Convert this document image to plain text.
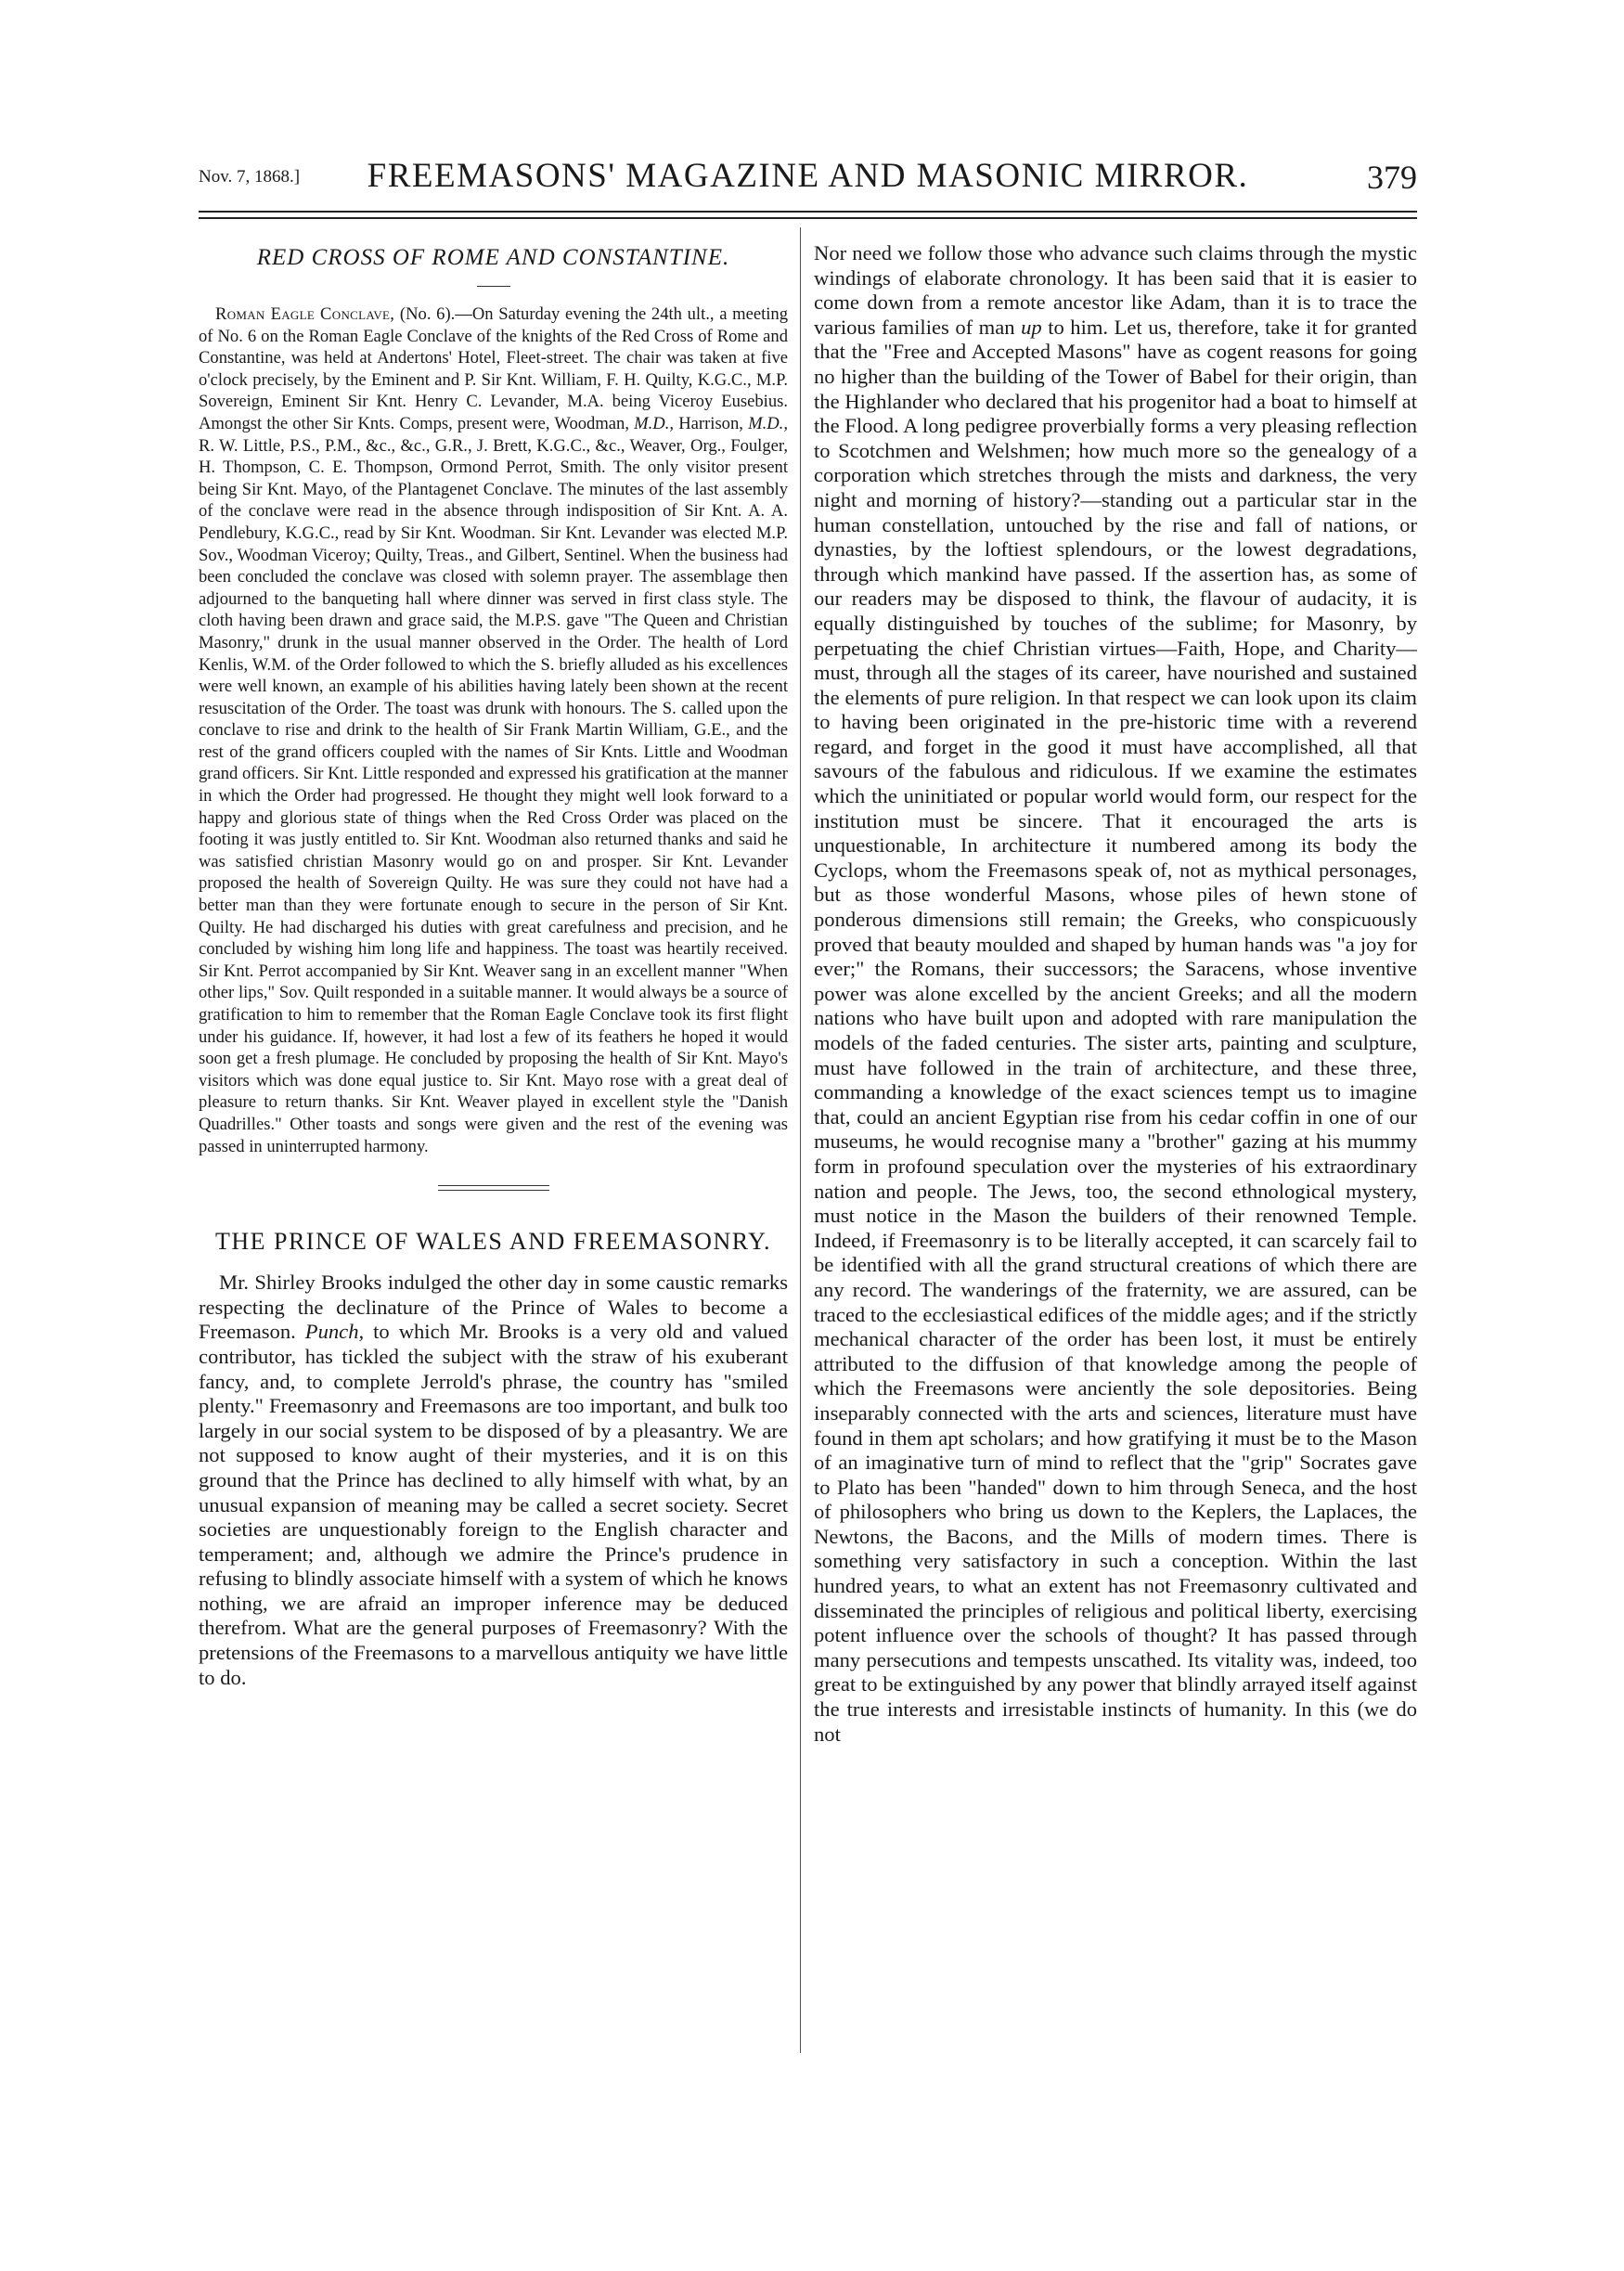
Nov. 7, 1868.]	FREEMASONS' MAGAZINE AND MASONIC MIRROR.	379
RED CROSS OF ROME AND CONSTANTINE.

Roman Eagle Conclave, (No. 6).—On Saturday evening the 24th ult., a meeting of No. 6 on the Roman Eagle Conclave of the knights of the Red Cross of Rome and Constantine, was held at Andertons' Hotel, Fleet-street. The chair was taken at five o'clock precisely, by the Eminent and P. Sir Knt. William, F. H. Quilty, K.G.C., M.P. Sovereign, Eminent Sir Knt. Henry C. Levander, M.A. being Viceroy Eusebius. Amongst the other Sir Knts. Comps, present were, Woodman, M.D., Harrison, M.D., R. W. Little, P.S., P.M., &c., &c., G.R., J. Brett, K.G.C., &c., Weaver, Org., Foulger, H. Thompson, C. E. Thompson, Ormond Perrot, Smith. The only visitor present being Sir Knt. Mayo, of the Plantagenet Conclave. The minutes of the last assembly of the conclave were read in the absence through indisposition of Sir Knt. A. A. Pendlebury, K.G.C., read by Sir Knt. Woodman. Sir Knt. Levander was elected M.P. Sov., Woodman Viceroy; Quilty, Treas., and Gilbert, Sentinel. When the business had been concluded the conclave was closed with solemn prayer. The assemblage then adjourned to the banqueting hall where dinner was served in first class style. The cloth having been drawn and grace said, the M.P.S. gave "The Queen and Christian Masonry," drunk in the usual manner observed in the Order. The health of Lord Kenlis, W.M. of the Order followed to which the S. briefly alluded as his excellences were well known, an example of his abilities having lately been shown at the recent resuscitation of the Order. The toast was drunk with honours. The S. called upon the conclave to rise and drink to the health of Sir Frank Martin William, G.E., and the rest of the grand officers coupled with the names of Sir Knts. Little and Woodman grand officers. Sir Knt. Little responded and expressed his gratification at the manner in which the Order had progressed. He thought they might well look forward to a happy and glorious state of things when the Red Cross Order was placed on the footing it was justly entitled to. Sir Knt. Woodman also returned thanks and said he was satisfied christian Masonry would go on and prosper. Sir Knt. Levander proposed the health of Sovereign Quilty. He was sure they could not have had a better man than they were fortunate enough to secure in the person of Sir Knt. Quilty. He had discharged his duties with great carefulness and precision, and he concluded by wishing him long life and happiness. The toast was heartily received. Sir Knt. Perrot accompanied by Sir Knt. Weaver sang in an excellent manner "When other lips," Sov. Quilt responded in a suitable manner. It would always be a source of gratification to him to remember that the Roman Eagle Conclave took its first flight under his guidance. If, however, it had lost a few of its feathers he hoped it would soon get a fresh plumage. He concluded by proposing the health of Sir Knt. Mayo's visitors which was done equal justice to. Sir Knt. Mayo rose with a great deal of pleasure to return thanks. Sir Knt. Weaver played in excellent style the "Danish Quadrilles." Other toasts and songs were given and the rest of the evening was passed in uninterrupted harmony.

THE PRINCE OF WALES AND FREEMASONRY.

Mr. Shirley Brooks indulged the other day in some caustic remarks respecting the declinature of the Prince of Wales to become a Freemason. Punch, to which Mr. Brooks is a very old and valued contributor, has tickled the subject with the straw of his exuberant fancy, and, to complete Jerrold's phrase, the country has "smiled plenty." Freemasonry and Freemasons are too important, and bulk too largely in our social system to be disposed of by a pleasantry. We are not supposed to know aught of their mysteries, and it is on this ground that the Prince has declined to ally himself with what, by an unusual expansion of meaning may be called a secret society. Secret societies are unquestionably foreign to the English character and temperament; and, although we admire the Prince's prudence in refusing to blindly associate himself with a system of which he knows nothing, we are afraid an improper inference may be deduced therefrom. What are the general purposes of Freemasonry? With the pretensions of the Freemasons to a marvellous antiquity we have little to do.

Nor need we follow those who advance such claims through the mystic windings of elaborate chronology. It has been said that it is easier to come down from a remote ancestor like Adam, than it is to trace the various families of man up to him. Let us, therefore, take it for granted that the "Free and Accepted Masons" have as cogent reasons for going no higher than the building of the Tower of Babel for their origin, than the Highlander who declared that his progenitor had a boat to himself at the Flood. A long pedigree proverbially forms a very pleasing reflection to Scotchmen and Welshmen; how much more so the genealogy of a corporation which stretches through the mists and darkness, the very night and morning of history?—standing out a particular star in the human constellation, untouched by the rise and fall of nations, or dynasties, by the loftiest splendours, or the lowest degradations, through which mankind have passed. If the assertion has, as some of our readers may be disposed to think, the flavour of audacity, it is equally distinguished by touches of the sublime; for Masonry, by perpetuating the chief Christian virtues—Faith, Hope, and Charity—must, through all the stages of its career, have nourished and sustained the elements of pure religion. In that respect we can look upon its claim to having been originated in the pre-historic time with a reverend regard, and forget in the good it must have accomplished, all that savours of the fabulous and ridiculous. If we examine the estimates which the uninitiated or popular world would form, our respect for the institution must be sincere. That it encouraged the arts is unquestionable, In architecture it numbered among its body the Cyclops, whom the Freemasons speak of, not as mythical personages, but as those wonderful Masons, whose piles of hewn stone of ponderous dimensions still remain; the Greeks, who conspicuously proved that beauty moulded and shaped by human hands was "a joy for ever;" the Romans, their successors; the Saracens, whose inventive power was alone excelled by the ancient Greeks; and all the modern nations who have built upon and adopted with rare manipulation the models of the faded centuries. The sister arts, painting and sculpture, must have followed in the train of architecture, and these three, commanding a knowledge of the exact sciences tempt us to imagine that, could an ancient Egyptian rise from his cedar coffin in one of our museums, he would recognise many a "brother" gazing at his mummy form in profound speculation over the mysteries of his extraordinary nation and people. The Jews, too, the second ethnological mystery, must notice in the Mason the builders of their renowned Temple. Indeed, if Freemasonry is to be literally accepted, it can scarcely fail to be identified with all the grand structural creations of which there are any record. The wanderings of the fraternity, we are assured, can be traced to the ecclesiastical edifices of the middle ages; and if the strictly mechanical character of the order has been lost, it must be entirely attributed to the diffusion of that knowledge among the people of which the Freemasons were anciently the sole depositories. Being inseparably connected with the arts and sciences, literature must have found in them apt scholars; and how gratifying it must be to the Mason of an imaginative turn of mind to reflect that the "grip" Socrates gave to Plato has been "handed" down to him through Seneca, and the host of philosophers who bring us down to the Keplers, the Laplaces, the Newtons, the Bacons, and the Mills of modern times. There is something very satisfactory in such a conception. Within the last hundred years, to what an extent has not Freemasonry cultivated and disseminated the principles of religious and political liberty, exercising potent influence over the schools of thought? It has passed through many persecutions and tempests unscathed. Its vitality was, indeed, too great to be extinguished by any power that blindly arrayed itself against the true interests and irresistable instincts of humanity. In this (we do not
